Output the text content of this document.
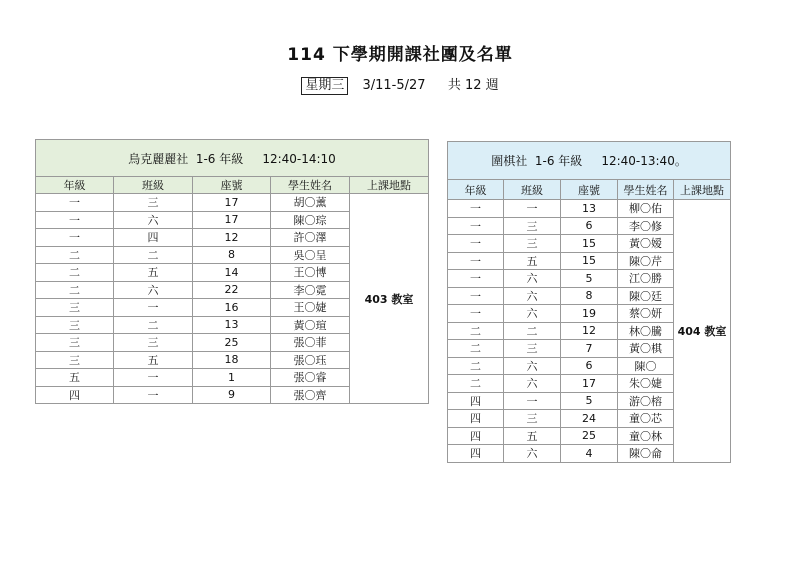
114 下學期開課社團及名單
星期三 3/11-5/27 共 12 週
烏克麗麗社  1-6 年級     12:40-14:10				
年級	班級	座號	學生姓名	上課地點
一	三	17	胡〇薰	403 教室
一	六	17	陳〇琮	
一	四	12	許〇澤	
二	二	8	吳〇呈	
二	五	14	王〇博	
二	六	22	李〇霓	
三	一	16	王〇婕	
三	二	13	黃〇瑄	
三	三	25	張〇菲	
三	五	18	張〇珏	
五	一	1	張〇睿	
四	一	9	張〇齊	
圍棋社  1-6 年級     12:40-13:40。				
年級	班級	座號	學生姓名	上課地點
一	一	13	柳〇佑	404 教室
一	三	6	李〇修	
一	三	15	黃〇嫒	
一	五	15	陳〇芹	
一	六	5	江〇勝	
一	六	8	陳〇廷	
一	六	19	蔡〇妍	
二	二	12	林〇騰	
二	三	7	黃〇棋	
二	六	6	陳〇	
二	六	17	朱〇婕	
四	一	5	游〇榕	
四	三	24	童〇芯	
四	五	25	童〇林	
四	六	4	陳〇侖	
